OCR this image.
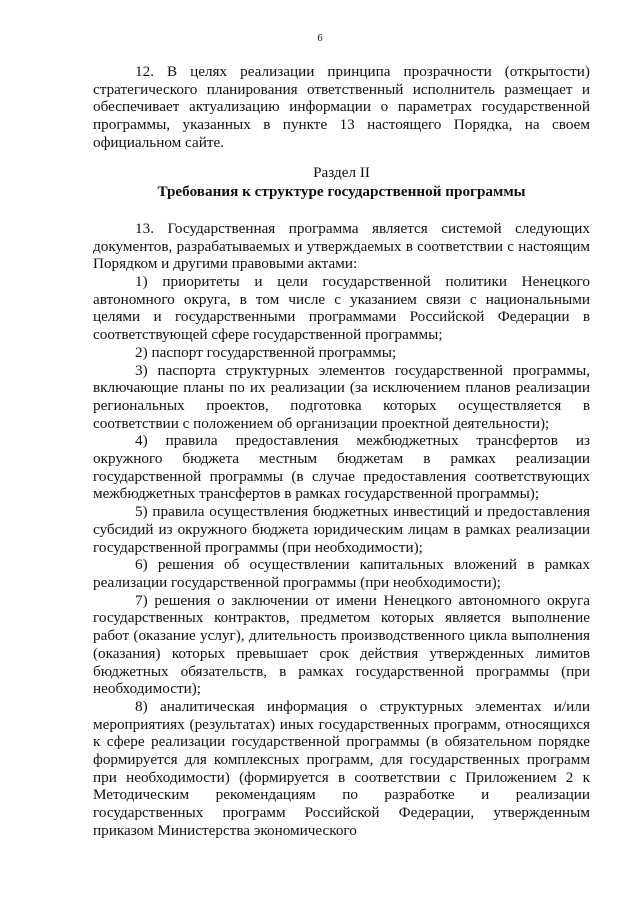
6

12. В целях реализации принципа прозрачности (открытости) стратегического планирования ответственный исполнитель размещает и обеспечивает актуализацию информации о параметрах государственной программы, указанных в пункте 13 настоящего Порядка, на своем официальном сайте.

Раздел II

Требования к структуре государственной программы

13. Государственная программа является системой следующих документов, разрабатываемых и утверждаемых в соответствии с настоящим Порядком и другими правовыми актами:

1) приоритеты и цели государственной политики Ненецкого автономного округа, в том числе с указанием связи с национальными целями и государственными программами Российской Федерации в соответствующей сфере государственной программы;

2) паспорт государственной программы;

3) паспорта структурных элементов государственной программы, включающие планы по их реализации (за исключением планов реализации региональных проектов, подготовка которых осуществляется в соответствии с положением об организации проектной деятельности);

4) правила предоставления межбюджетных трансфертов из окружного бюджета местным бюджетам в рамках реализации государственной программы (в случае предоставления соответствующих межбюджетных трансфертов в рамках государственной программы);

5) правила осуществления бюджетных инвестиций и предоставления субсидий из окружного бюджета юридическим лицам в рамках реализации государственной программы (при необходимости);

6) решения об осуществлении капитальных вложений в рамках реализации государственной программы (при необходимости);

7) решения о заключении от имени Ненецкого автономного округа государственных контрактов, предметом которых является выполнение работ (оказание услуг), длительность производственного цикла выполнения (оказания) которых превышает срок действия утвержденных лимитов бюджетных обязательств, в рамках государственной программы (при необходимости);

8) аналитическая информация о структурных элементах и/или мероприятиях (результатах) иных государственных программ, относящихся к сфере реализации государственной программы (в обязательном порядке формируется для комплексных программ, для государственных программ при необходимости) (формируется в соответствии с Приложением 2 к Методическим рекомендациям по разработке и реализации государственных программ Российской Федерации, утвержденным приказом Министерства экономического
